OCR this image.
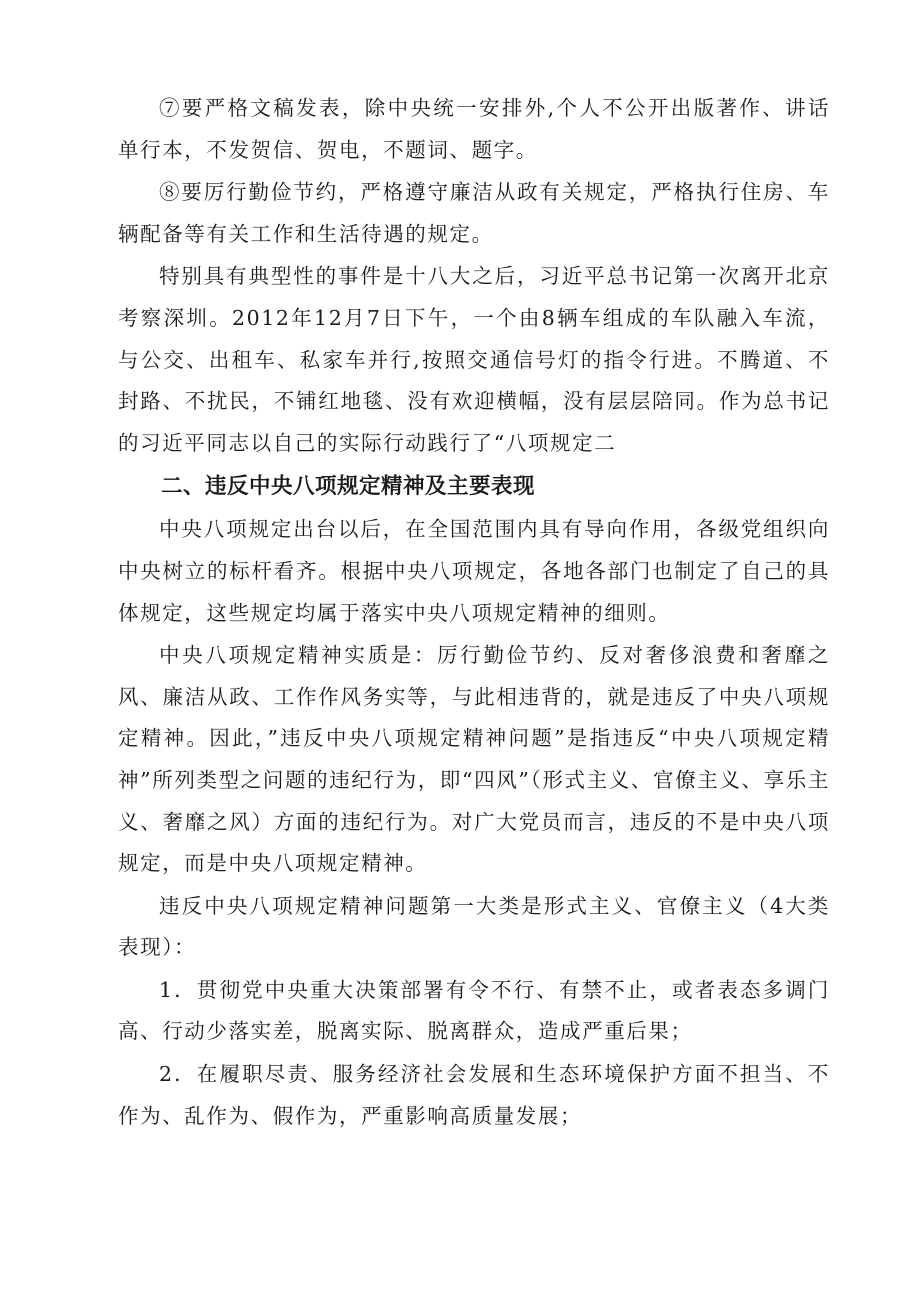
⑦要严格文稿发表，除中央统一安排外,个人不公开出版著作、讲话单行本，不发贺信、贺电，不题词、题字。

⑧要厉行勤俭节约，严格遵守廉洁从政有关规定，严格执行住房、车辆配备等有关工作和生活待遇的规定。

特别具有典型性的事件是十八大之后，习近平总书记第一次离开北京考察深圳。2012年12月7日下午，一个由8辆车组成的车队融入车流，与公交、出租车、私家车并行,按照交通信号灯的指令行进。不腾道、不封路、不扰民，不铺红地毯、没有欢迎横幅，没有层层陪同。作为总书记的习近平同志以自己的实际行动践行了“八项规定二

二、违反中央八项规定精神及主要表现

中央八项规定出台以后，在全国范围内具有导向作用，各级党组织向中央树立的标杆看齐。根据中央八项规定，各地各部门也制定了自己的具体规定，这些规定均属于落实中央八项规定精神的细则。

中央八项规定精神实质是：厉行勤俭节约、反对奢侈浪费和奢靡之风、廉洁从政、工作作风务实等，与此相违背的，就是违反了中央八项规定精神。因此，”违反中央八项规定精神问题”是指违反“中央八项规定精神”所列类型之问题的违纪行为，即“四风”（形式主义、官僚主义、享乐主义、奢靡之风）方面的违纪行为。对广大党员而言，违反的不是中央八项规定，而是中央八项规定精神。

违反中央八项规定精神问题第一大类是形式主义、官僚主义（4大类表现）：

1．贯彻党中央重大决策部署有令不行、有禁不止，或者表态多调门高、行动少落实差，脱离实际、脱离群众，造成严重后果；

2．在履职尽责、服务经济社会发展和生态环境保护方面不担当、不作为、乱作为、假作为，严重影响高质量发展；
